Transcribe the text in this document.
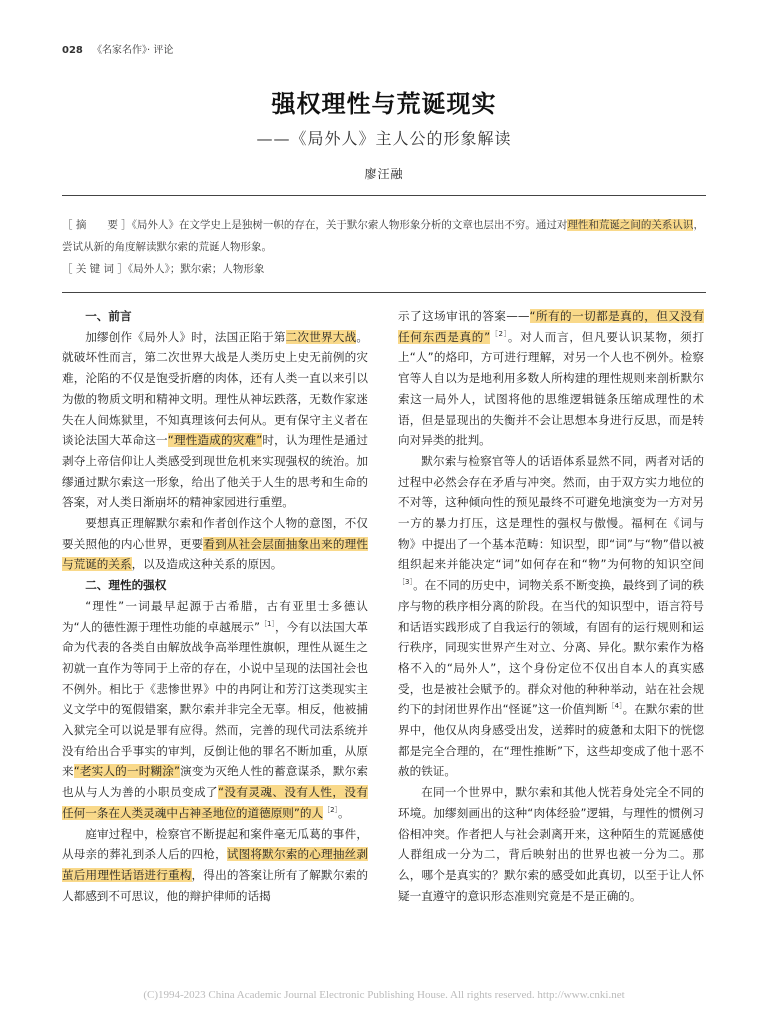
028 《名家名作》· 评论
强权理性与荒诞现实
——《局外人》主人公的形象解读
廖汪融
［ 摘　　要 ］《局外人》在文学史上是独树一帜的存在，关于默尔索人物形象分析的文章也层出不穷。通过对理性和荒诞之间的关系认识，尝试从新的角度解读默尔索的荒诞人物形象。
［ 关 键 词 ］《局外人》；默尔索；人物形象
一、前言

加缪创作《局外人》时，法国正陷于第二次世界大战。就破坏性而言，第二次世界大战是人类历史上史无前例的灾难，沦陷的不仅是饱受折磨的肉体，还有人类一直以来引以为傲的物质文明和精神文明。理性从神坛跌落，无数作家迷失在人间炼狱里，不知真理该何去何从。更有保守主义者在谈论法国大革命这一“理性造成的灾难”时，认为理性是通过剥夺上帝信仰让人类感受到现世危机来实现强权的统治。加缪通过默尔索这一形象，给出了他关于人生的思考和生命的答案，对人类日渐崩坏的精神家园进行重塑。

要想真正理解默尔索和作者创作这个人物的意图，不仅要关照他的内心世界，更要看到从社会层面抽象出来的理性与荒诞的关系，以及造成这种关系的原因。

二、理性的强权

“理性”一词最早起源于古希腊，古有亚里士多德认为“人的德性源于理性功能的卓越展示”$^{[1]}$，今有以法国大革命为代表的各类自由解放战争高举理性旗帜，理性从诞生之初就一直作为等同于上帝的存在，小说中呈现的法国社会也不例外。相比于《悲惨世界》中的冉阿让和芳汀这类现实主义文学中的冤假错案，默尔索并非完全无辜。相反，他被捕入狱完全可以说是罪有应得。然而，完善的现代司法系统并没有给出合乎事实的审判，反倒让他的罪名不断加重，从原来“老实人的一时糊涂”演变为灭绝人性的蓄意谋杀，默尔索也从与人为善的小职员变成了“没有灵魂、没有人性，没有任何一条在人类灵魂中占神圣地位的道德原则”的人$^{[2]}$。

庭审过程中，检察官不断提起和案件毫无瓜葛的事件，从母亲的葬礼到杀人后的四枪，试图将默尔索的心理抽丝剥茧后用理性话语进行重构，得出的答案让所有了解默尔索的人都感到不可思议，他的辩护律师的话揭

示了这场审讯的答案——“所有的一切都是真的，但又没有任何东西是真的”$^{[2]}$。对人而言，但凡要认识某物，须打上“人”的烙印，方可进行理解，对另一个人也不例外。检察官等人自以为是地利用多数人所构建的理性规则来剖析默尔索这一局外人，试图将他的思维逻辑链条压缩成理性的术语，但是显现出的失衡并不会让思想本身进行反思，而是转向对异类的批判。

默尔索与检察官等人的话语体系显然不同，两者对话的过程中必然会存在矛盾与冲突。然而，由于双方实力地位的不对等，这种倾向性的预见最终不可避免地演变为一方对另一方的暴力打压，这是理性的强权与傲慢。福柯在《词与物》中提出了一个基本范畴：知识型，即“词”与“物”借以被组织起来并能决定“词”如何存在和“物”为何物的知识空间$^{[3]}$。在不同的历史中，词物关系不断变换，最终到了词的秩序与物的秩序相分离的阶段。在当代的知识型中，语言符号和话语实践形成了自我运行的领域，有固有的运行规则和运行秩序，同现实世界产生对立、分离、异化。默尔索作为格格不入的“局外人”，这个身份定位不仅出自本人的真实感受，也是被社会赋予的。群众对他的种种举动，站在社会规约下的封闭世界作出“怪诞”这一价值判断$^{[4]}$。在默尔索的世界中，他仅从肉身感受出发，送葬时的疲惫和太阳下的恍惚都是完全合理的，在“理性推断”下，这些却变成了他十恶不赦的铁证。

在同一个世界中，默尔索和其他人恍若身处完全不同的环境。加缪刻画出的这种“肉体经验”逻辑，与理性的惯例习俗相冲突。作者把人与社会剥离开来，这种陌生的荒诞感使人群组成一分为二，背后映射出的世界也被一分为二。那么，哪个是真实的？默尔索的感受如此真切，以至于让人怀疑一直遵守的意识形态准则究竟是不是正确的。

(C)1994-2023 China Academic Journal Electronic Publishing House. All rights reserved. http://www.cnki.net
